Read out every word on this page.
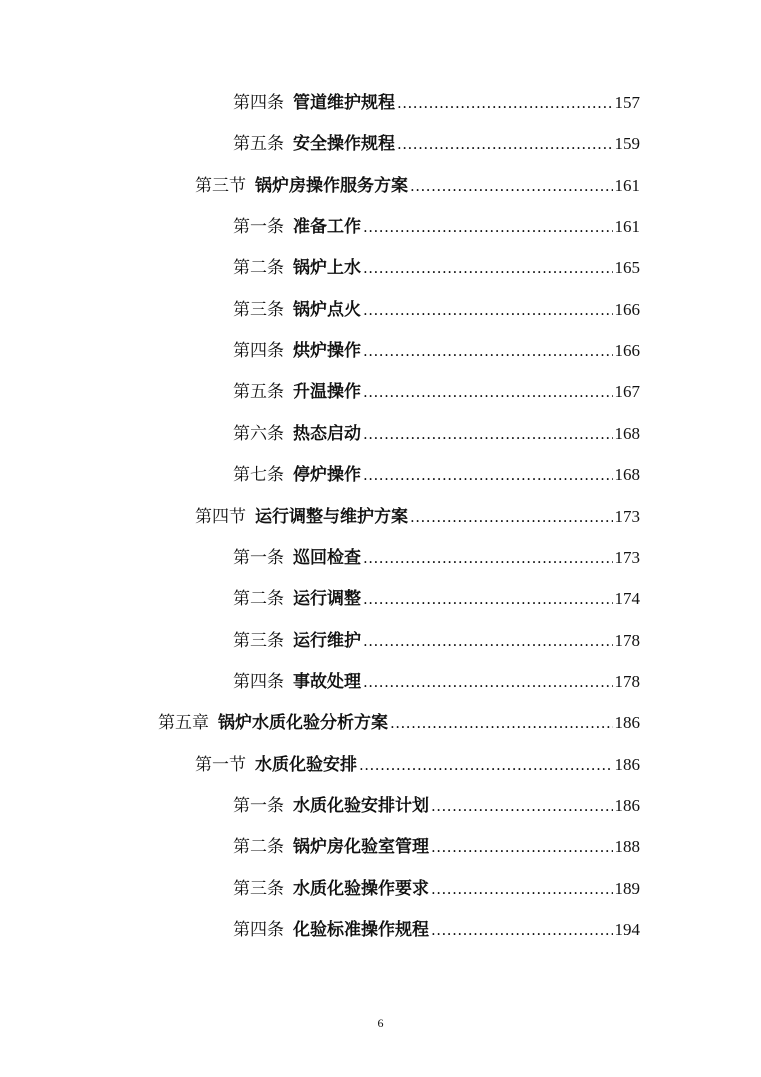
第四条 管道维护规程 .....	157
第五条 安全操作规程 .....	159
第三节 锅炉房操作服务方案 .....	161
第一条 准备工作 .....	161
第二条 锅炉上水 .....	165
第三条 锅炉点火 .....	166
第四条 烘炉操作 .....	166
第五条 升温操作 .....	167
第六条 热态启动 .....	168
第七条 停炉操作 .....	168
第四节 运行调整与维护方案 .....	173
第一条 巡回检查 .....	173
第二条 运行调整 .....	174
第三条 运行维护 .....	178
第四条 事故处理 .....	178
第五章 锅炉水质化验分析方案 .....	186
第一节 水质化验安排 .....	186
第一条 水质化验安排计划 .....	186
第二条 锅炉房化验室管理 .....	188
第三条 水质化验操作要求 .....	189
第四条 化验标准操作规程 .....	194
6
